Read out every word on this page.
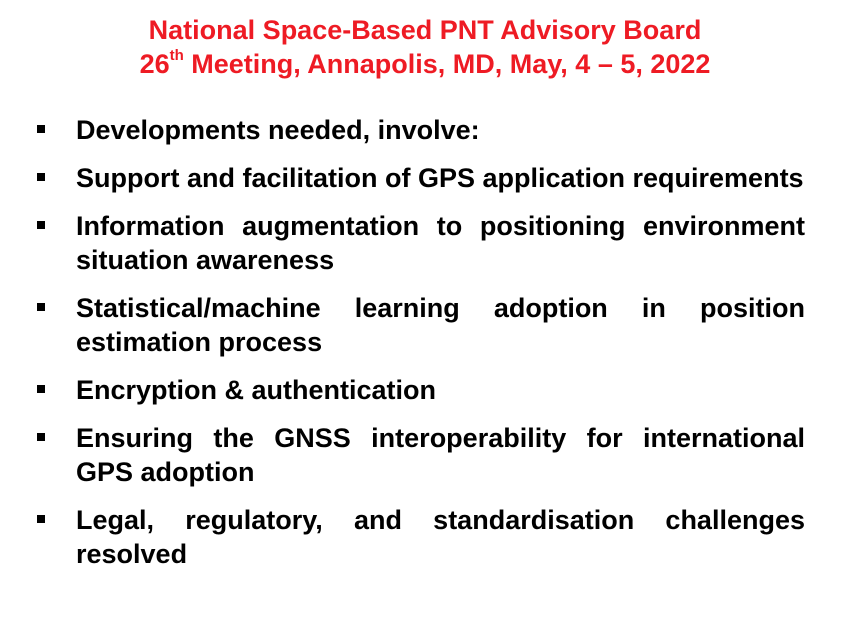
National Space-Based PNT Advisory Board
26th Meeting, Annapolis, MD, May, 4 – 5, 2022
Developments needed, involve:
Support and facilitation of GPS application requirements
Information augmentation to positioning environment situation awareness
Statistical/machine learning adoption in position estimation process
Encryption & authentication
Ensuring the GNSS interoperability for international GPS adoption
Legal, regulatory, and standardisation challenges resolved
